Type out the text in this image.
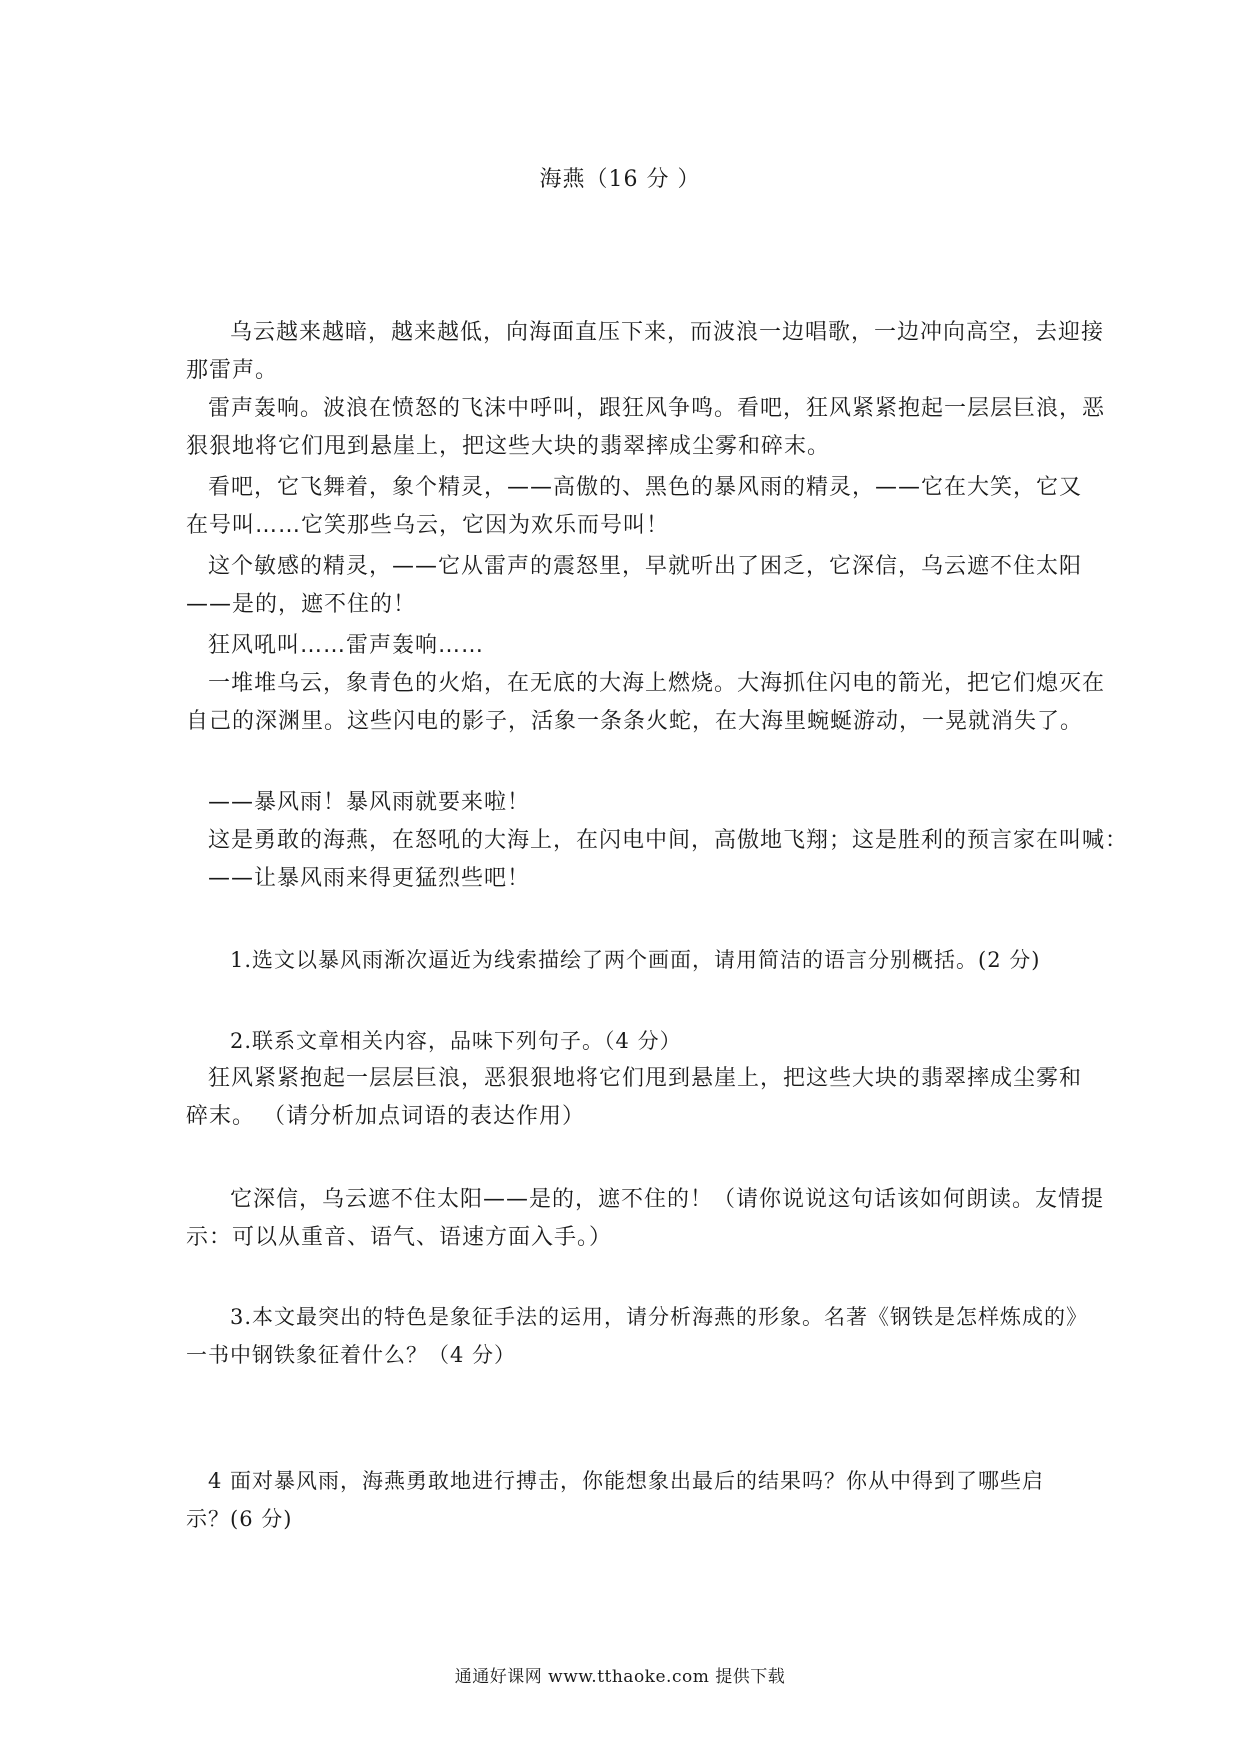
海燕（16 分 ）
乌云越来越暗，越来越低，向海面直压下来，而波浪一边唱歌，一边冲向高空，去迎接
那雷声。
雷声轰响。波浪在愤怒的飞沫中呼叫，跟狂风争鸣。看吧，狂风紧紧抱起一层层巨浪，恶
狠狠地将它们甩到悬崖上，把这些大块的翡翠摔成尘雾和碎末。
看吧，它飞舞着，象个精灵，——高傲的、黑色的暴风雨的精灵，——它在大笑，它又
在号叫……它笑那些乌云，它因为欢乐而号叫！
这个敏感的精灵，——它从雷声的震怒里，早就听出了困乏，它深信，乌云遮不住太阳
——是的，遮不住的！
狂风吼叫……雷声轰响……
一堆堆乌云，象青色的火焰，在无底的大海上燃烧。大海抓住闪电的箭光，把它们熄灭在
自己的深渊里。这些闪电的影子，活象一条条火蛇，在大海里蜿蜒游动，一晃就消失了。
——暴风雨！暴风雨就要来啦！
这是勇敢的海燕，在怒吼的大海上，在闪电中间，高傲地飞翔；这是胜利的预言家在叫喊：
——让暴风雨来得更猛烈些吧！
1.选文以暴风雨渐次逼近为线索描绘了两个画面，请用简洁的语言分别概括。(2 分)
2.联系文章相关内容，品味下列句子。（4 分）
狂风紧紧抱起一层层巨浪，恶狠狠地将它们甩到悬崖上，把这些大块的翡翠摔成尘雾和
碎末。 （请分析加点词语的表达作用）
它深信，乌云遮不住太阳——是的，遮不住的！（请你说说这句话该如何朗读。友情提
示：可以从重音、语气、语速方面入手。）
3.本文最突出的特色是象征手法的运用，请分析海燕的形象。名著《钢铁是怎样炼成的》
一书中钢铁象征着什么？（4 分）
4 面对暴风雨，海燕勇敢地进行搏击，你能想象出最后的结果吗？你从中得到了哪些启
示？(6 分)
通通好课网 www.tthaoke.com 提供下载
